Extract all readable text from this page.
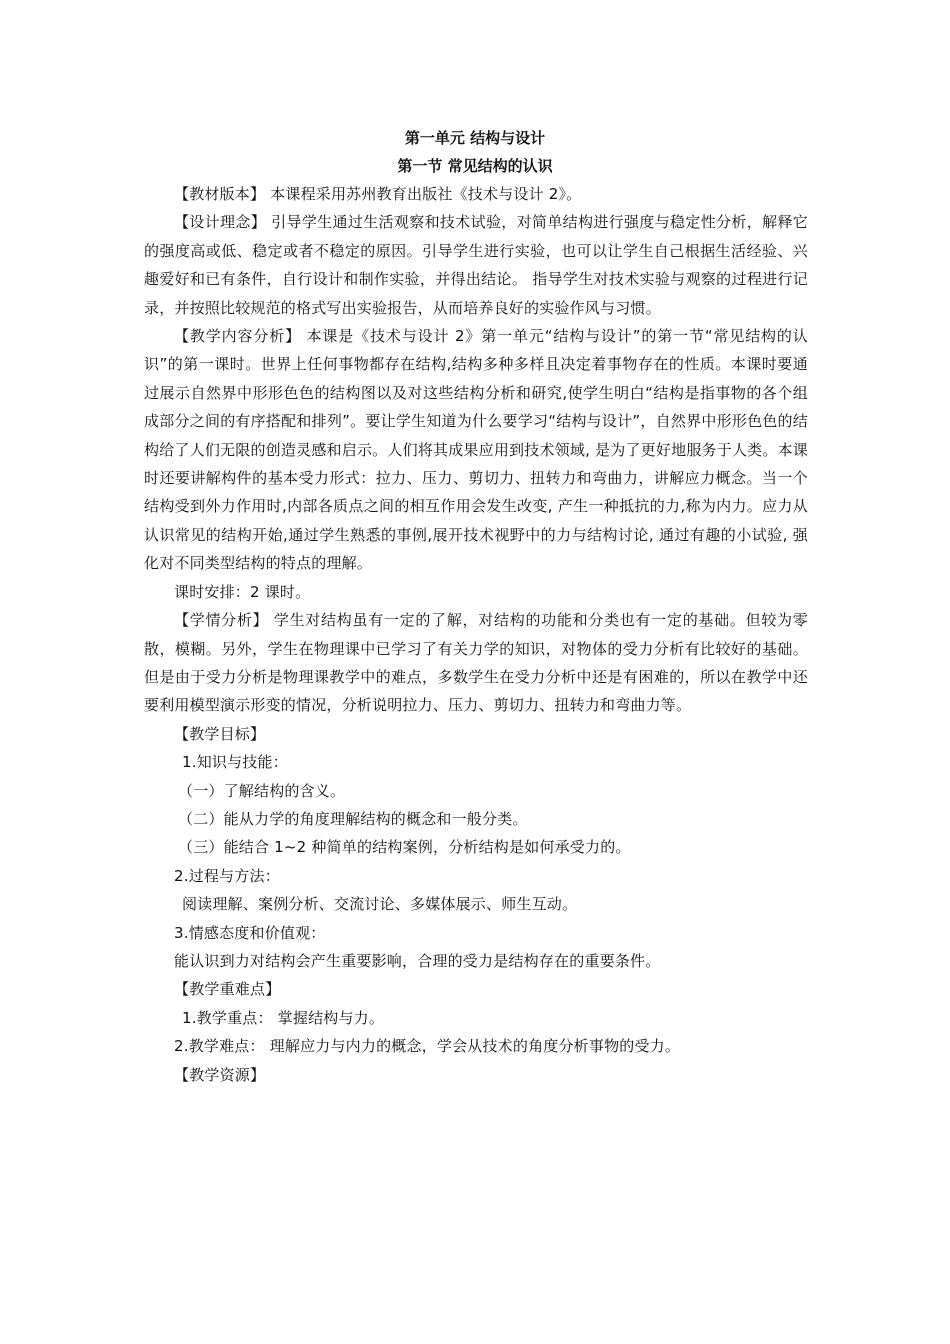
第一单元 结构与设计
第一节 常见结构的认识

【教材版本】 本课程采用苏州教育出版社《技术与设计 2》。

【设计理念】 引导学生通过生活观察和技术试验，对简单结构进行强度与稳定性分析，解释它的强度高或低、稳定或者不稳定的原因。引导学生进行实验，也可以让学生自己根据生活经验、兴趣爱好和已有条件，自行设计和制作实验，并得出结论。 指导学生对技术实验与观察的过程进行记录，并按照比较规范的格式写出实验报告，从而培养良好的实验作风与习惯。

【教学内容分析】 本课是《技术与设计 2》第一单元“结构与设计”的第一节“常见结构的认识”的第一课时。世界上任何事物都存在结构,结构多种多样且决定着事物存在的性质。本课时要通过展示自然界中形形色色的结构图以及对这些结构分析和研究,使学生明白“结构是指事物的各个组成部分之间的有序搭配和排列”。要让学生知道为什么要学习“结构与设计”，自然界中形形色色的结构给了人们无限的创造灵感和启示。人们将其成果应用到技术领域, 是为了更好地服务于人类。本课时还要讲解构件的基本受力形式：拉力、压力、剪切力、扭转力和弯曲力，讲解应力概念。当一个结构受到外力作用时,内部各质点之间的相互作用会发生改变, 产生一种抵抗的力,称为内力。应力从认识常见的结构开始,通过学生熟悉的事例,展开技术视野中的力与结构讨论, 通过有趣的小试验, 强化对不同类型结构的特点的理解。

课时安排：2 课时。

【学情分析】 学生对结构虽有一定的了解，对结构的功能和分类也有一定的基础。但较为零散，模糊。另外，学生在物理课中已学习了有关力学的知识，对物体的受力分析有比较好的基础。但是由于受力分析是物理课教学中的难点，多数学生在受力分析中还是有困难的，所以在教学中还要利用模型演示形变的情况，分析说明拉力、压力、剪切力、扭转力和弯曲力等。

【教学目标】

1.知识与技能：

（一）了解结构的含义。

（二）能从力学的角度理解结构的概念和一般分类。

（三）能结合 1~2 种简单的结构案例，分析结构是如何承受力的。

2.过程与方法：

阅读理解、案例分析、交流讨论、多媒体展示、师生互动。

3.情感态度和价值观：

能认识到力对结构会产生重要影响，合理的受力是结构存在的重要条件。

【教学重难点】

1.教学重点： 掌握结构与力。

2.教学难点： 理解应力与内力的概念，学会从技术的角度分析事物的受力。

【教学资源】
